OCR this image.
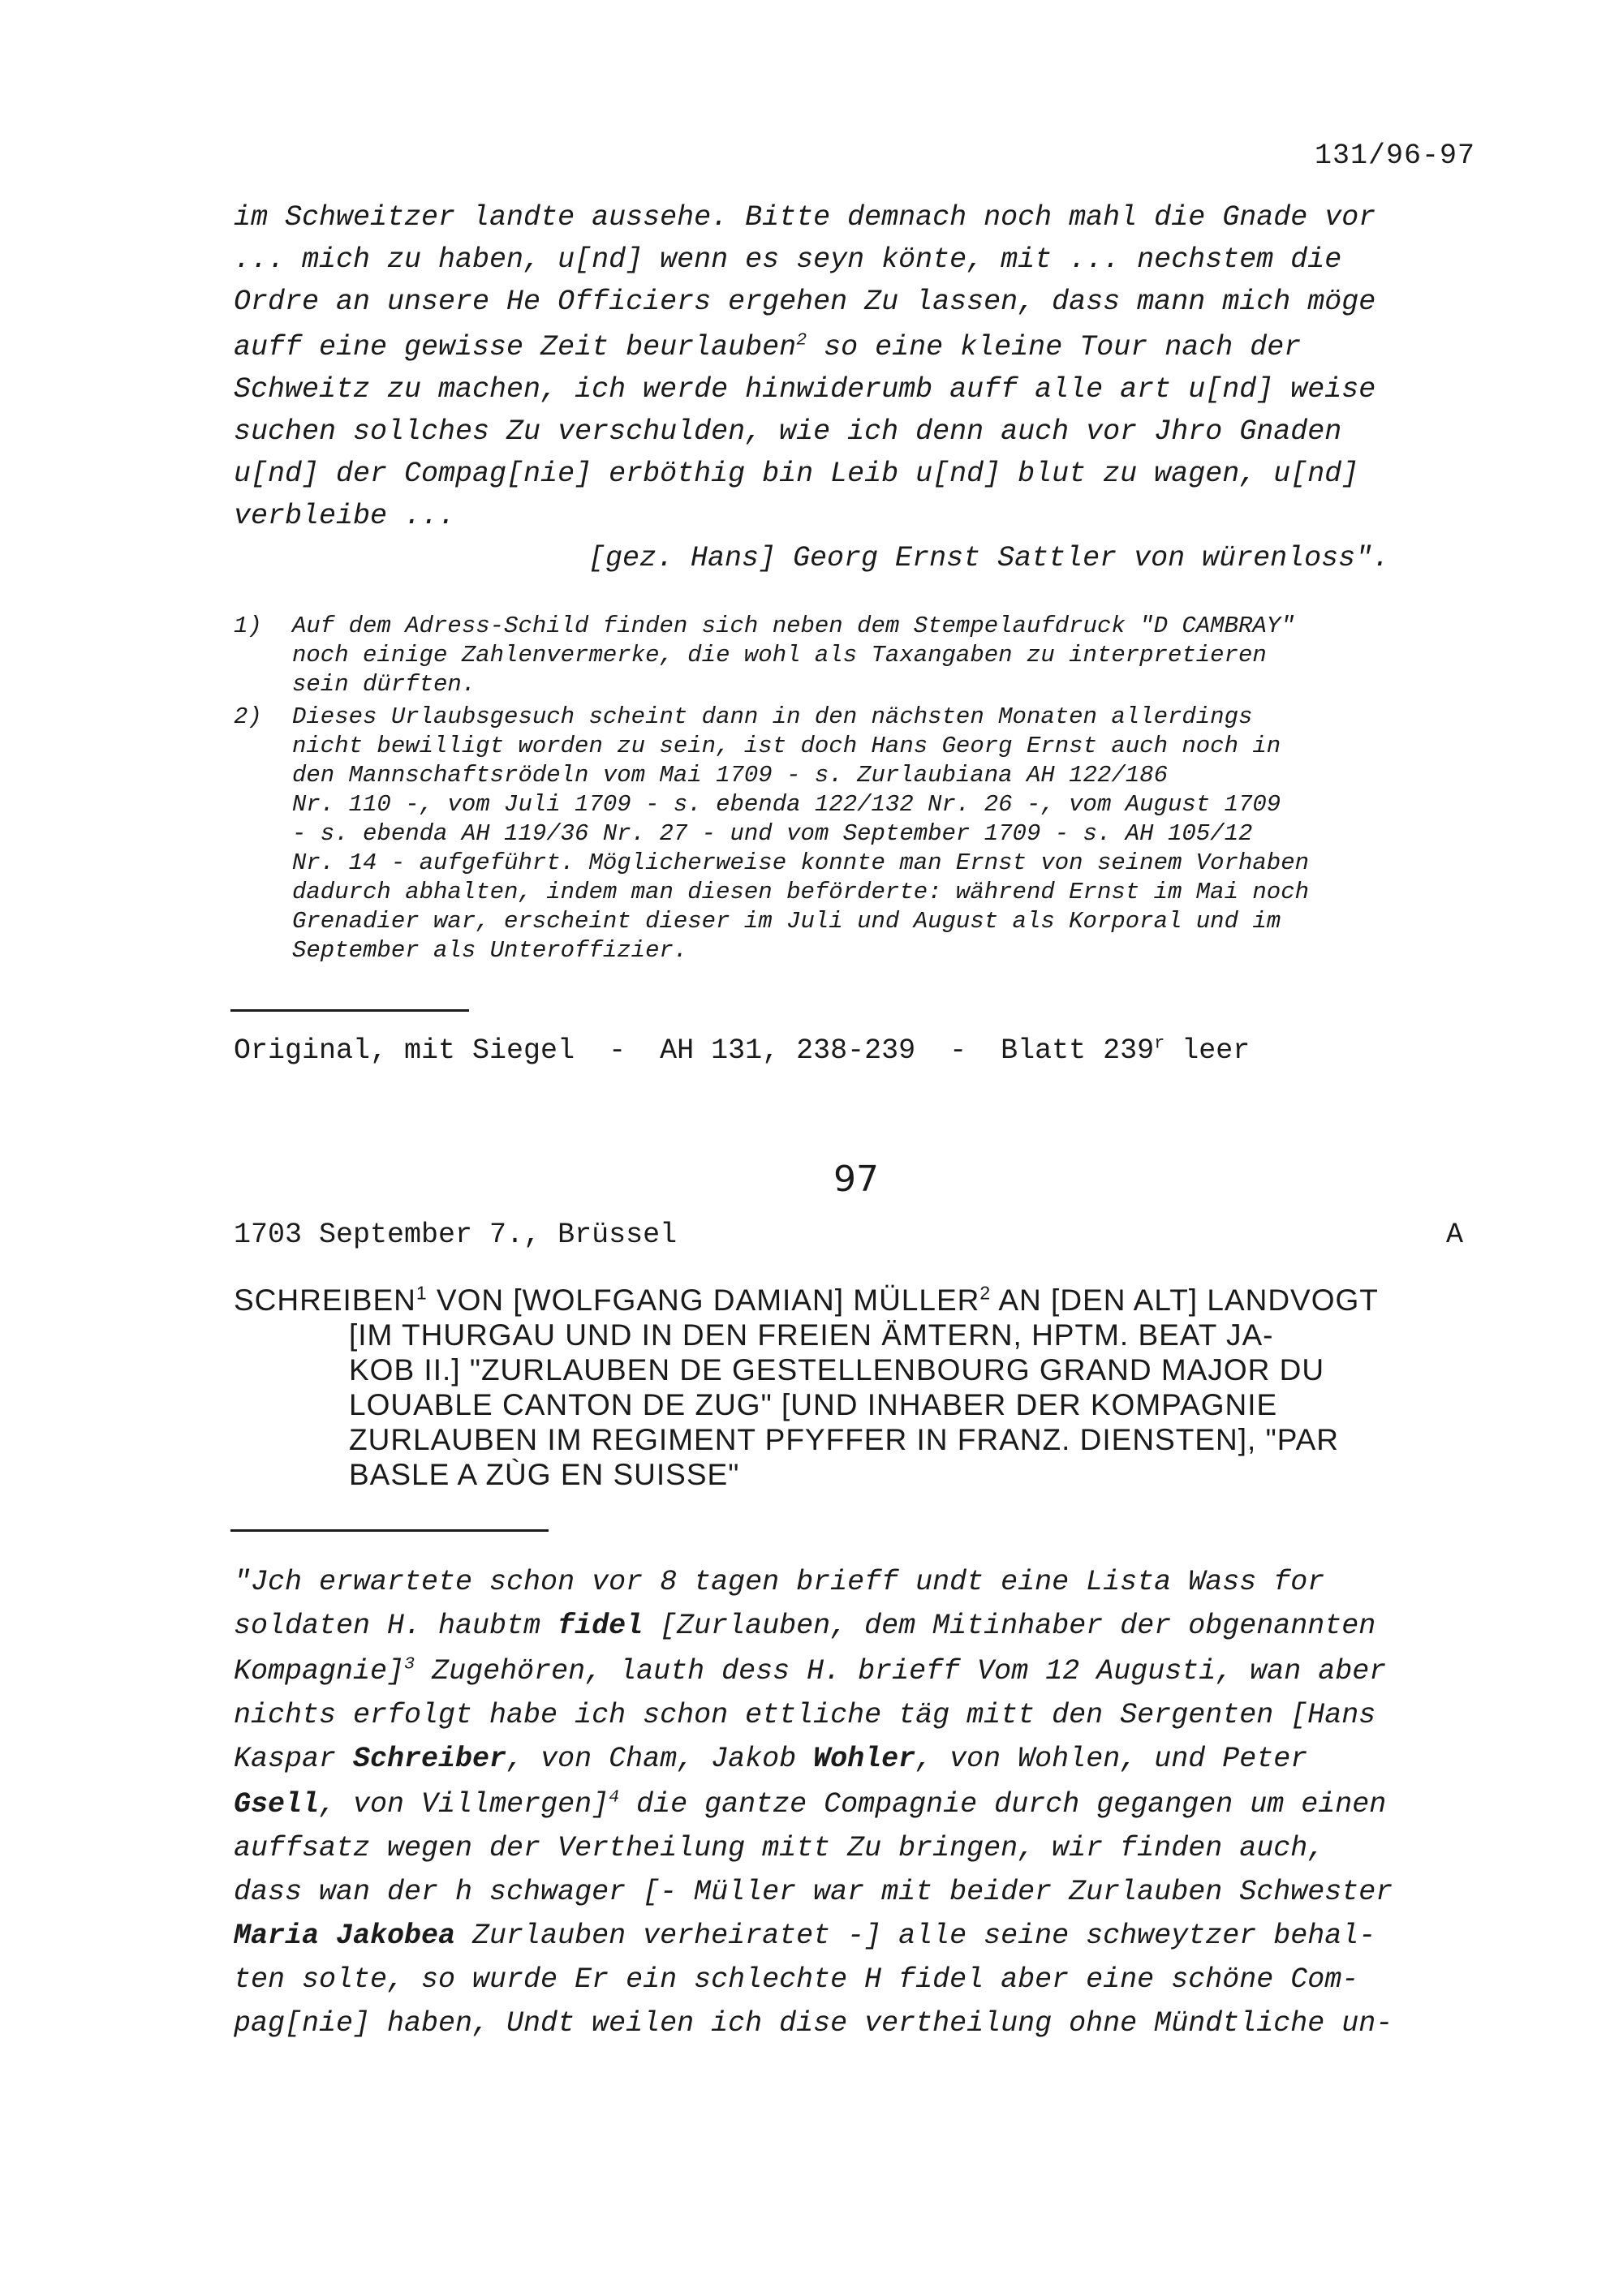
131/96-97
im Schweitzer landte aussehe. Bitte demnach noch mahl die Gnade vor
... mich zu haben, u[nd] wenn es seyn könte, mit ... nechstem die
Ordre an unsere He Officiers ergehen Zu lassen, dass mann mich möge
auff eine gewisse Zeit beurlauben$^2$ so eine kleine Tour nach der
Schweitz zu machen, ich werde hinwiderumb auff alle art u[nd] weise
suchen sollches Zu verschulden, wie ich denn auch vor Jhro Gnaden
u[nd] der Compag[nie] erböthig bin Leib u[nd] blut zu wagen, u[nd]
verbleibe ...
[gez. Hans] Georg Ernst Sattler von würenloss".

1)

Auf dem Adress-Schild finden sich neben dem Stempelaufdruck "D CAMBRAY"

noch einige Zahlenvermerke, die wohl als Taxangaben zu interpretieren

sein dürften.

2)

Dieses Urlaubsgesuch scheint dann in den nächsten Monaten allerdings

nicht bewilligt worden zu sein, ist doch Hans Georg Ernst auch noch in

den Mannschaftsrödeln vom Mai 1709 - s. Zurlaubiana AH 122/186

Nr. 110 -, vom Juli 1709 - s. ebenda 122/132 Nr. 26 -, vom August 1709

- s. ebenda AH 119/36 Nr. 27 - und vom September 1709 - s. AH 105/12

Nr. 14 - aufgeführt. Möglicherweise konnte man Ernst von seinem Vorhaben

dadurch abhalten, indem man diesen beförderte: während Ernst im Mai noch

Grenadier war, erscheint dieser im Juli und August als Korporal und im

September als Unteroffizier.

Original, mit Siegel  -  AH 131, 238-239  -  Blatt 239$^r$ leer
97
1703 September 7., Brüssel	A

SCHREIBEN$^1$ VON [WOLFGANG DAMIAN] MÜLLER$^2$ AN [DEN ALT] LANDVOGT

[IM THURGAU UND IN DEN FREIEN ÄMTERN, HPTM. BEAT JA-

KOB II.] "ZURLAUBEN DE GESTELLENBOURG GRAND MAJOR DU

LOUABLE CANTON DE ZUG" [UND INHABER DER KOMPAGNIE

ZURLAUBEN IM REGIMENT PFYFFER IN FRANZ. DIENSTEN], "PAR

BASLE A ZÙG EN SUISSE"

"Jch erwartete schon vor 8 tagen brieff undt eine Lista Wass for
soldaten H. haubtm fidel [Zurlauben, dem Mitinhaber der obgenannten
Kompagnie]$^3$ Zugehören, lauth dess H. brieff Vom 12 Augusti, wan aber
nichts erfolgt habe ich schon ettliche täg mitt den Sergenten [Hans
Kaspar Schreiber, von Cham, Jakob Wohler, von Wohlen, und Peter
Gsell, von Villmergen]$^4$ die gantze Compagnie durch gegangen um einen
auffsatz wegen der Vertheilung mitt Zu bringen, wir finden auch,
dass wan der h schwager [- Müller war mit beider Zurlauben Schwester
Maria Jakobea Zurlauben verheiratet -] alle seine schweytzer behal-
ten solte, so wurde Er ein schlechte H fidel aber eine schöne Com-
pag[nie] haben, Undt weilen ich dise vertheilung ohne Mündtliche un-
